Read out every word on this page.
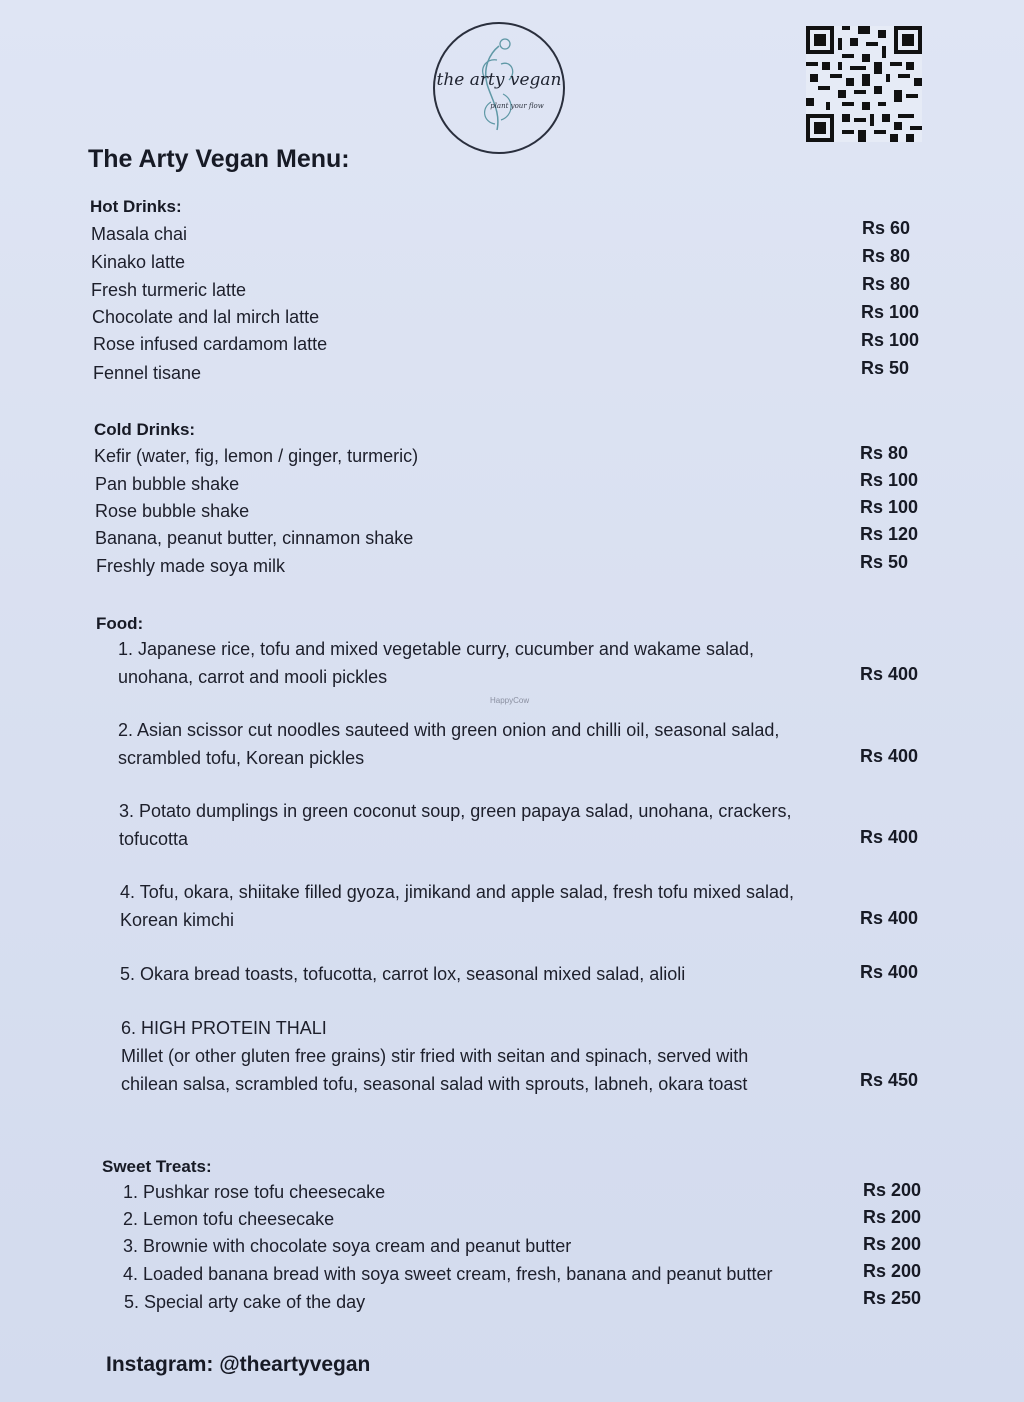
the arty vegan
plant your flow
The Arty Vegan Menu:
Hot Drinks:
Masala chai	Rs 60
Kinako latte	Rs 80
Fresh turmeric latte	Rs 80
Chocolate and lal mirch latte	Rs 100
Rose infused cardamom latte	Rs 100
Fennel tisane	Rs 50
Cold Drinks:
Kefir (water, fig, lemon / ginger, turmeric)	Rs 80
Pan bubble shake	Rs 100
Rose bubble shake	Rs 100
Banana, peanut butter, cinnamon shake	Rs 120
Freshly made soya milk	Rs 50
Food:
1. Japanese rice, tofu and mixed vegetable curry, cucumber and wakame salad,
unohana, carrot and mooli pickles	Rs 400
HappyCow
2. Asian scissor cut noodles sauteed with green onion and chilli oil, seasonal salad,
scrambled tofu, Korean pickles	Rs 400
3. Potato dumplings in green coconut soup, green papaya salad, unohana, crackers,
tofucotta	Rs 400
4. Tofu, okara, shiitake filled gyoza, jimikand and apple salad, fresh tofu mixed salad,
Korean kimchi	Rs 400
5. Okara bread toasts, tofucotta, carrot lox, seasonal mixed salad, alioli	Rs 400
6. HIGH PROTEIN THALI
Millet (or other gluten free grains) stir fried with seitan and spinach, served with
chilean salsa, scrambled tofu, seasonal salad with sprouts, labneh, okara toast	Rs 450
Sweet Treats:
1. Pushkar rose tofu cheesecake	Rs 200
2. Lemon tofu cheesecake	Rs 200
3. Brownie with chocolate soya cream and peanut butter	Rs 200
4. Loaded banana bread with soya sweet cream, fresh, banana and peanut butter	Rs 200
5. Special arty cake of the day	Rs 250
Instagram: @theartyvegan
